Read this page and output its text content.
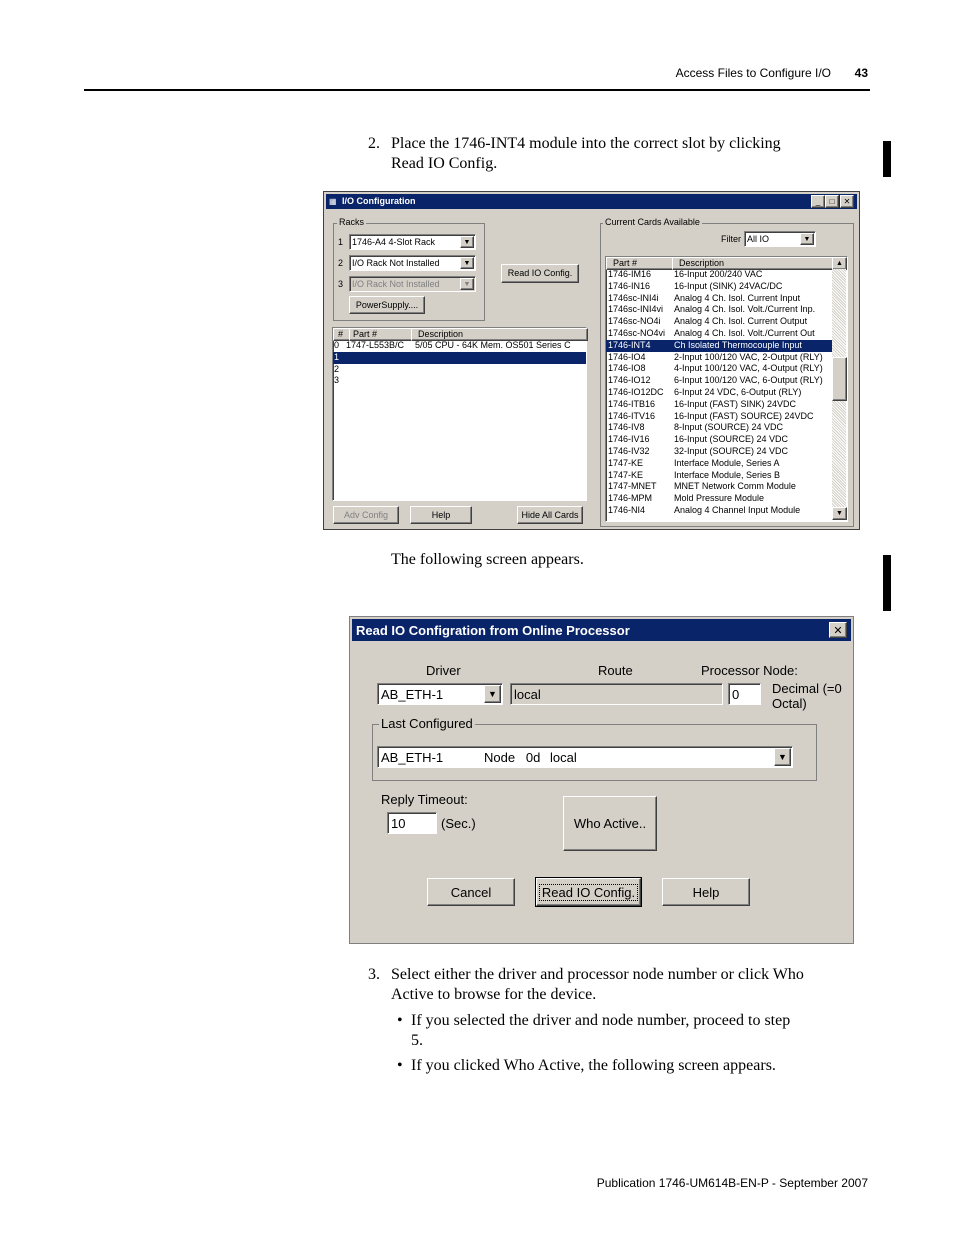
Access Files to Configure I/O 43
2. Place the 1746-INT4 module into the correct slot by clicking
Read IO Config.
▦ I/O Configuration	_	□	✕
Racks
1 1746-A4 4-Slot Rack	▼
2 I/O Rack Not Installed	▼
3 I/O Rack Not Installed	▼
PowerSupply....
Read IO Config.
#	Part #	Description
0 1747-L553B/C 5/05 CPU - 64K Mem. OS501 Series C
1
2
3
Adv Config	Help	Hide All Cards
Current Cards Available
Filter All IO	▼
Part #	Description	▲
▼
1746-IM16	16-Input 200/240 VAC
1746-IN16	16-Input (SINK) 24VAC/DC
1746sc-INI4i Analog 4 Ch. Isol. Current Input
1746sc-INI4vi Analog 4 Ch. Isol. Volt./Current Inp.
1746sc-NO4i Analog 4 Ch. Isol. Current Output
1746sc-NO4vi Analog 4 Ch. Isol. Volt./Current Out
1746-INT4	Ch Isolated Thermocouple Input
1746-IO4	2-Input 100/120 VAC, 2-Output (RLY)
1746-IO8	4-Input 100/120 VAC, 4-Output (RLY)
1746-IO12	6-Input 100/120 VAC, 6-Output (RLY)
1746-IO12DC 6-Input 24 VDC, 6-Output (RLY)
1746-ITB16 16-Input (FAST) SINK) 24VDC
1746-ITV16 16-Input (FAST) SOURCE) 24VDC
1746-IV8	8-Input (SOURCE) 24 VDC
1746-IV16	16-Input (SOURCE) 24 VDC
1746-IV32	32-Input (SOURCE) 24 VDC
1747-KE	Interface Module, Series A
1747-KE	Interface Module, Series B
1747-MNET MNET Network Comm Module
1746-MPM Mold Pressure Module
1746-NI4	Analog 4 Channel Input Module
The following screen appears.
Read IO Configration from Online Processor	✕
Driver	Route	Processor Node:
AB_ETH-1	▼	local	0	Decimal (=0
Octal)
Last Configured
AB_ETH-1	Node   0d local	▼
Reply Timeout:
10	(Sec.)	Who Active..
Cancel	Read IO Config.	Help
3. Select either the driver and processor node number or click Who
Active to browse for the device.
• If you selected the driver and node number, proceed to step
5.
• If you clicked Who Active, the following screen appears.
Publication 1746-UM614B-EN-P - September 2007
